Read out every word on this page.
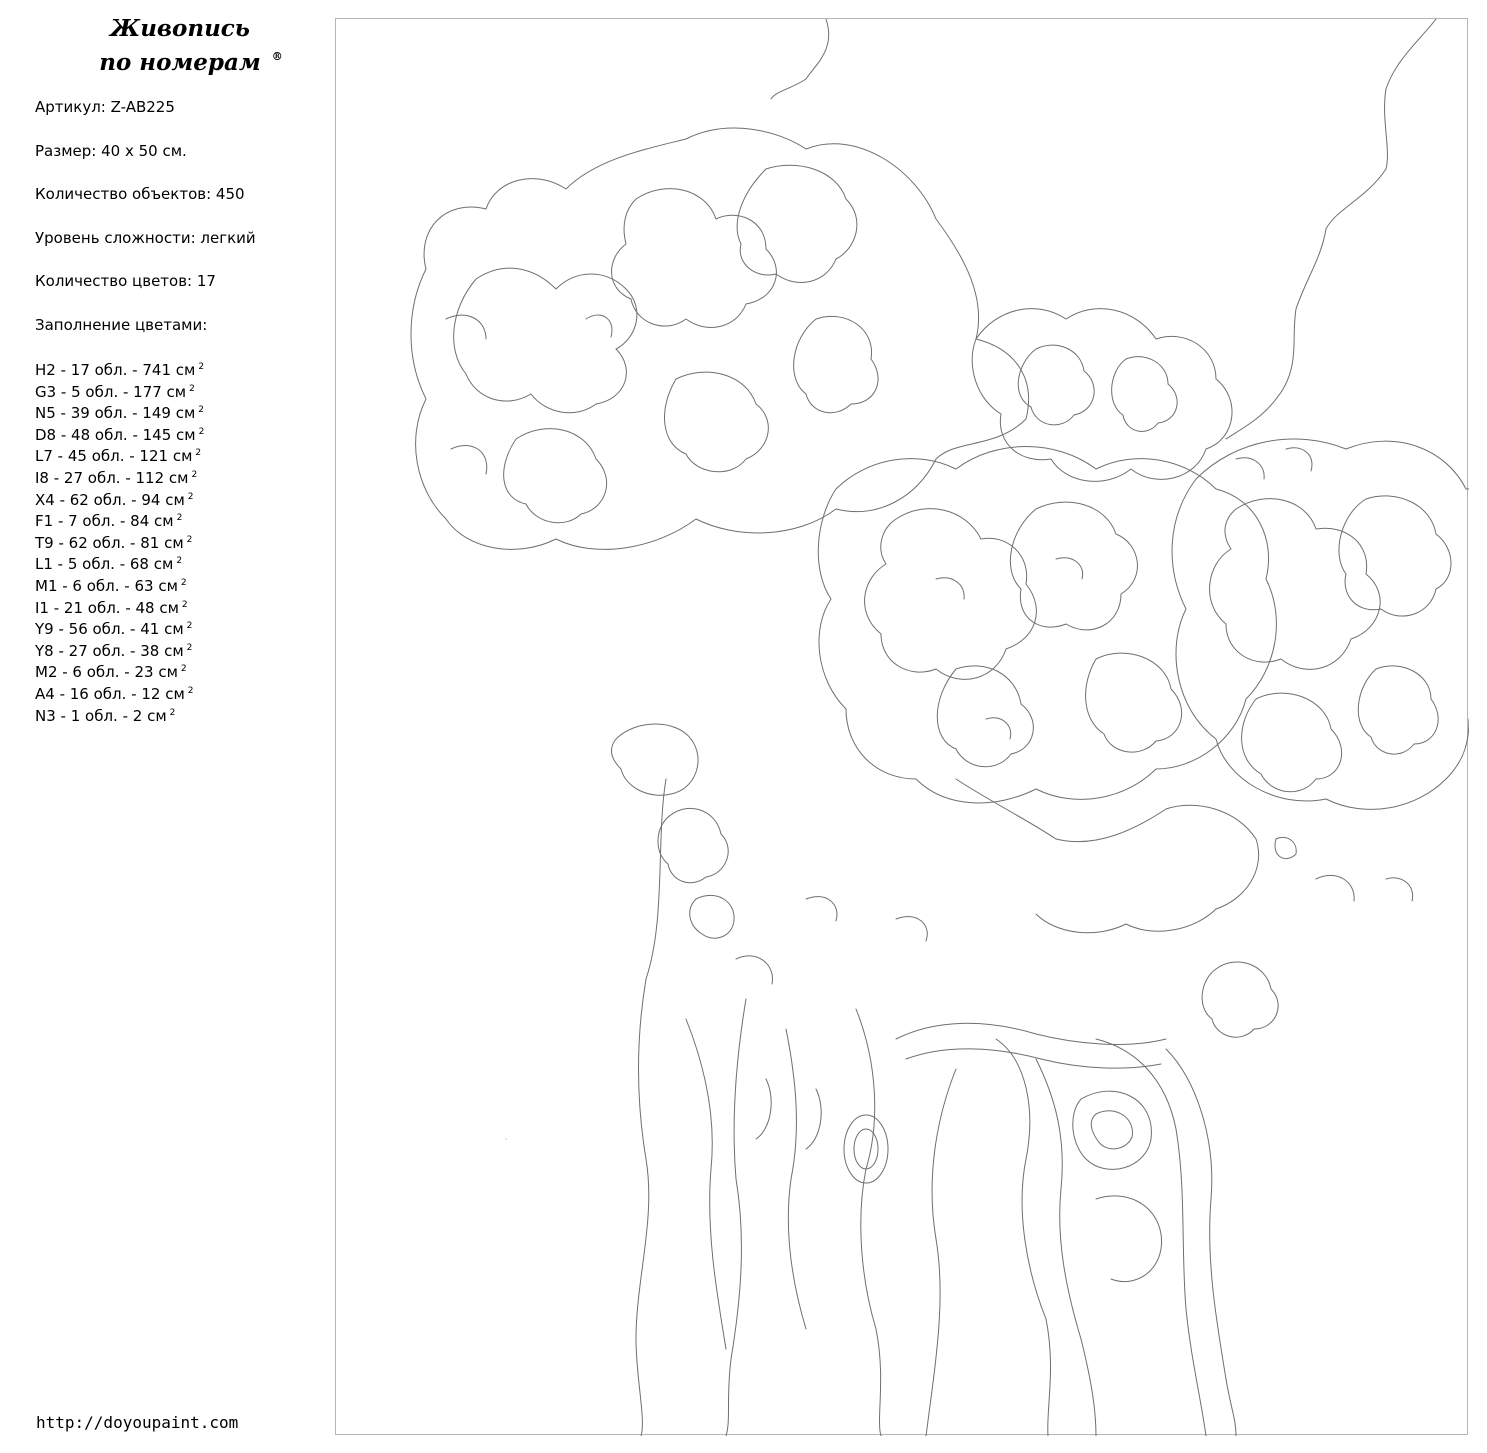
Живопись
по номерам ®
Артикул: Z-AB225
Размер: 40 x 50 см.
Количество объектов: 450
Уровень сложности: легкий
Количество цветов: 17
Заполнение цветами:
H2 - 17 обл. - 741 см $^2$
G3 - 5 обл. - 177 см $^2$
N5 - 39 обл. - 149 см $^2$
D8 - 48 обл. - 145 см $^2$
L7 - 45 обл. - 121 см $^2$
I8 - 27 обл. - 112 см $^2$
X4 - 62 обл. - 94 см $^2$
F1 - 7 обл. - 84 см $^2$
T9 - 62 обл. - 81 см $^2$
L1 - 5 обл. - 68 см $^2$
M1 - 6 обл. - 63 см $^2$
I1 - 21 обл. - 48 см $^2$
Y9 - 56 обл. - 41 см $^2$
Y8 - 27 обл. - 38 см $^2$
M2 - 6 обл. - 23 см $^2$
A4 - 16 обл. - 12 см $^2$
N3 - 1 обл. - 2 см $^2$
http://doyoupaint.com
